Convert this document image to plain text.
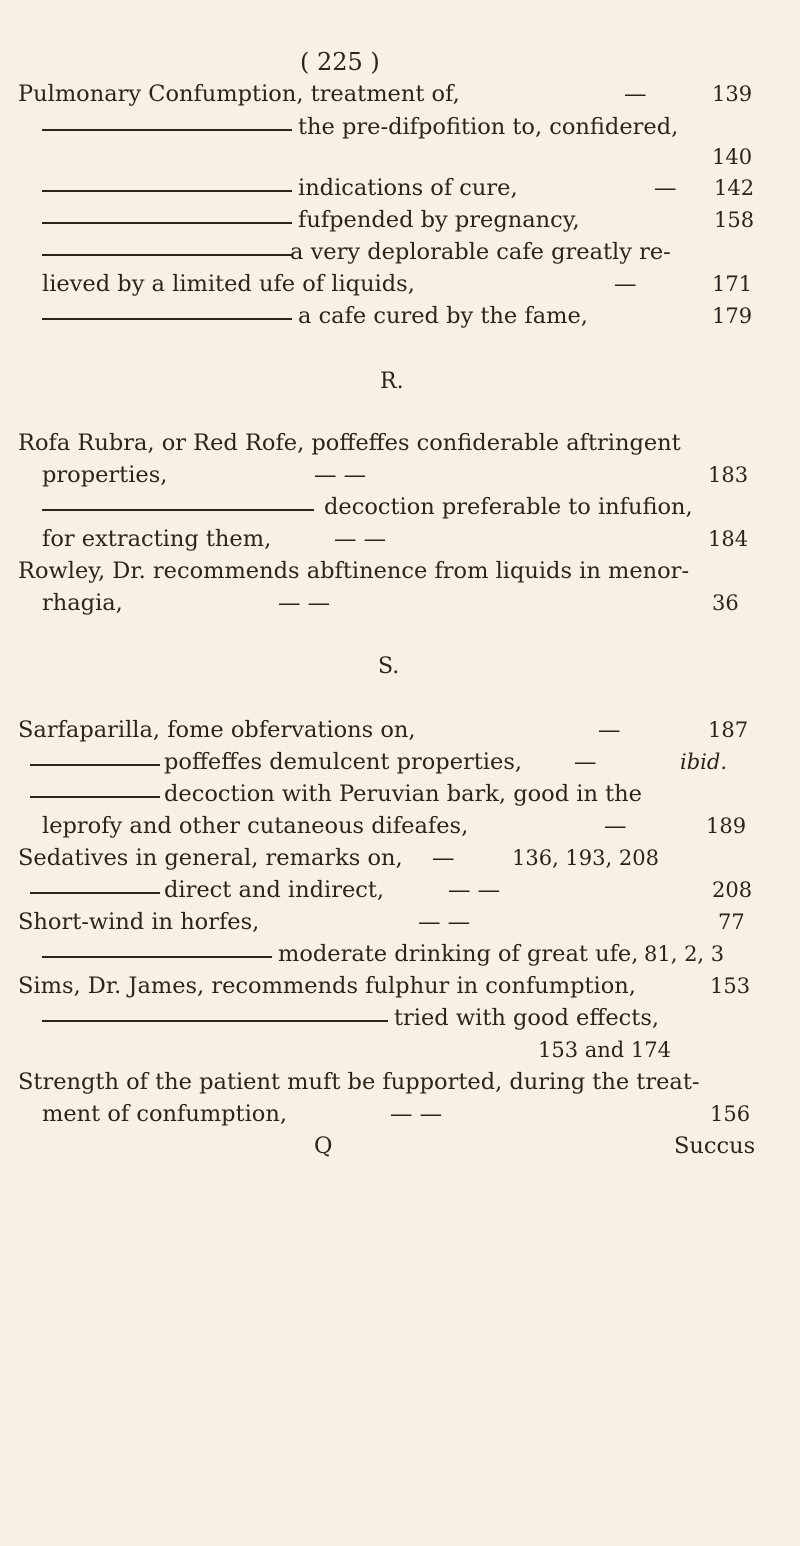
( 225 )
Pulmonary Confumption, treatment of,	—	139
the pre-difpofition to, confidered,
140
indications of cure,	— 142
fufpended by pregnancy,	158
a very deplorable cafe greatly re-
lieved by a limited ufe of liquids,	—	171
a cafe cured by the fame,	179
R.
Rofa Rubra, or Red Rofe, poffeffes confiderable aftringent
properties,	— —	183
decoction preferable to infufion,
for extracting them,	— —	184
Rowley, Dr. recommends abftinence from liquids in menor-
rhagia,	— —	36
S.
Sarfaparilla, fome obfervations on,	—	187
poffeffes demulcent properties, —	ibid.
decoction with Peruvian bark, good in the
leprofy and other cutaneous difeafes,	—	189
Sedatives in general, remarks on, —	136, 193, 208
direct and indirect,	— —	208
Short-wind in horfes,	— —	77
moderate drinking of great ufe, 81, 2, 3
Sims, Dr. James, recommends fulphur in confumption,	153
tried with good effects,
153 and 174
Strength of the patient muft be fupported, during the treat-
ment of confumption,	— —	156
Q	Succus
